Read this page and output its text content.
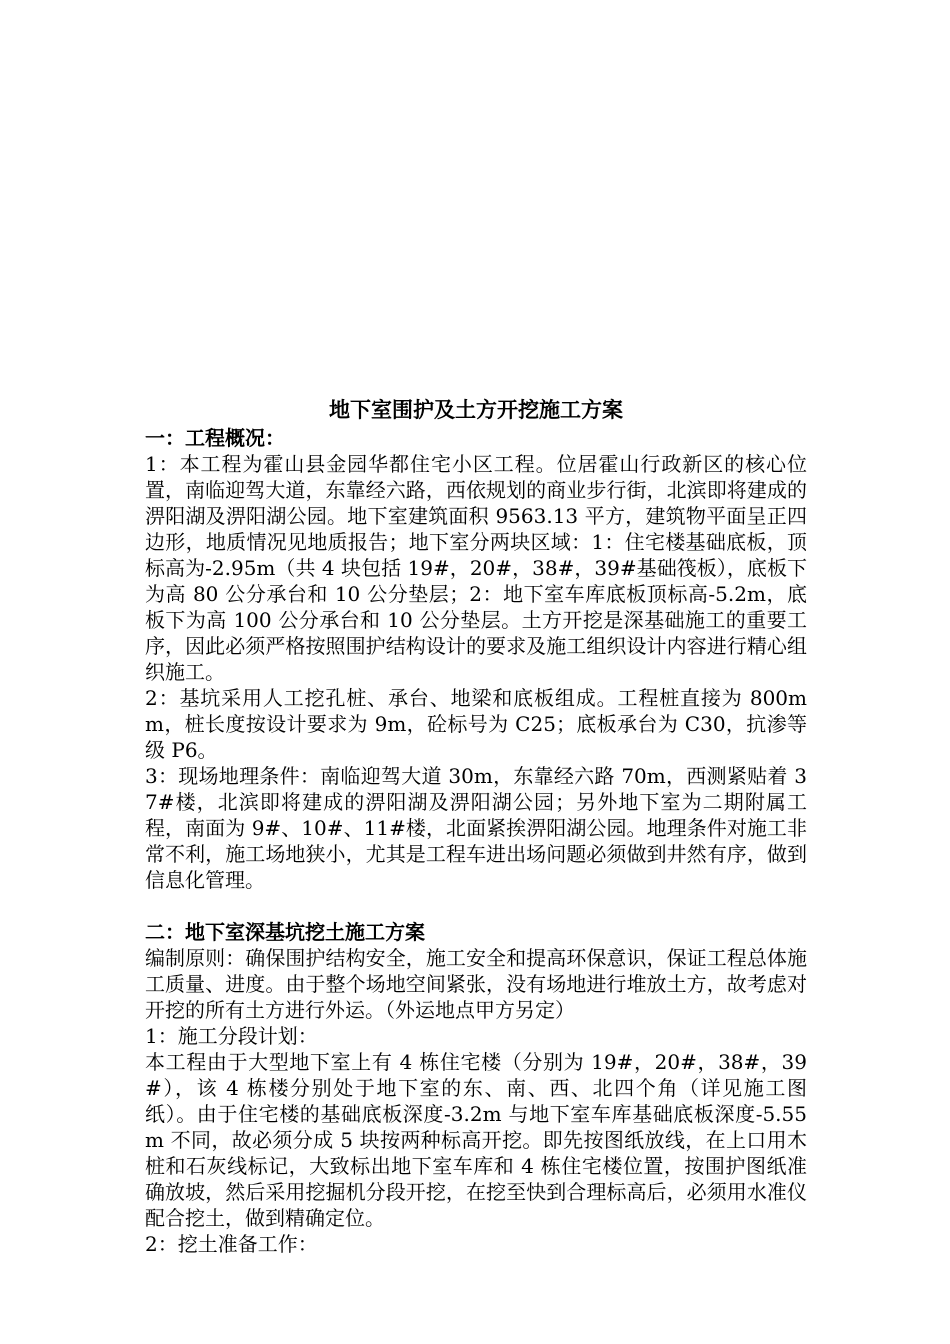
地下室围护及土方开挖施工方案
一：工程概况：

1：本工程为霍山县金园华都住宅小区工程。位居霍山行政新区的核心位置，南临迎驾大道，东靠经六路，西依规划的商业步行街，北滨即将建成的淠阳湖及淠阳湖公园。地下室建筑面积 9563.13 平方，建筑物平面呈正四边形，地质情况见地质报告；地下室分两块区域：1：住宅楼基础底板，顶标高为-2.95m（共 4 块包括 19#，20#，38#，39#基础筏板），底板下为高 80 公分承台和 10 公分垫层；2：地下室车库底板顶标高-5.2m，底板下为高 100 公分承台和 10 公分垫层。土方开挖是深基础施工的重要工序，因此必须严格按照围护结构设计的要求及施工组织设计内容进行精心组织施工。

2：基坑采用人工挖孔桩、承台、地梁和底板组成。工程桩直接为 800mm，桩长度按设计要求为 9m，砼标号为 C25；底板承台为 C30，抗渗等级 P6。

3：现场地理条件：南临迎驾大道 30m，东靠经六路 70m，西测紧贴着 37#楼，北滨即将建成的淠阳湖及淠阳湖公园；另外地下室为二期附属工程，南面为 9#、10#、11#楼，北面紧挨淠阳湖公园。地理条件对施工非常不利，施工场地狭小，尤其是工程车进出场问题必须做到井然有序，做到信息化管理。

二：地下室深基坑挖土施工方案

编制原则：确保围护结构安全，施工安全和提高环保意识，保证工程总体施工质量、进度。由于整个场地空间紧张，没有场地进行堆放土方，故考虑对开挖的所有土方进行外运。（外运地点甲方另定）

1：施工分段计划：

本工程由于大型地下室上有 4 栋住宅楼（分别为 19#，20#，38#，39#），该 4 栋楼分别处于地下室的东、南、西、北四个角（详见施工图纸）。由于住宅楼的基础底板深度-3.2m 与地下室车库基础底板深度-5.55m 不同，故必须分成 5 块按两种标高开挖。即先按图纸放线，在上口用木桩和石灰线标记，大致标出地下室车库和 4 栋住宅楼位置，按围护图纸准确放坡，然后采用挖掘机分段开挖，在挖至快到合理标高后，必须用水准仪配合挖土，做到精确定位。

2：挖土准备工作：
